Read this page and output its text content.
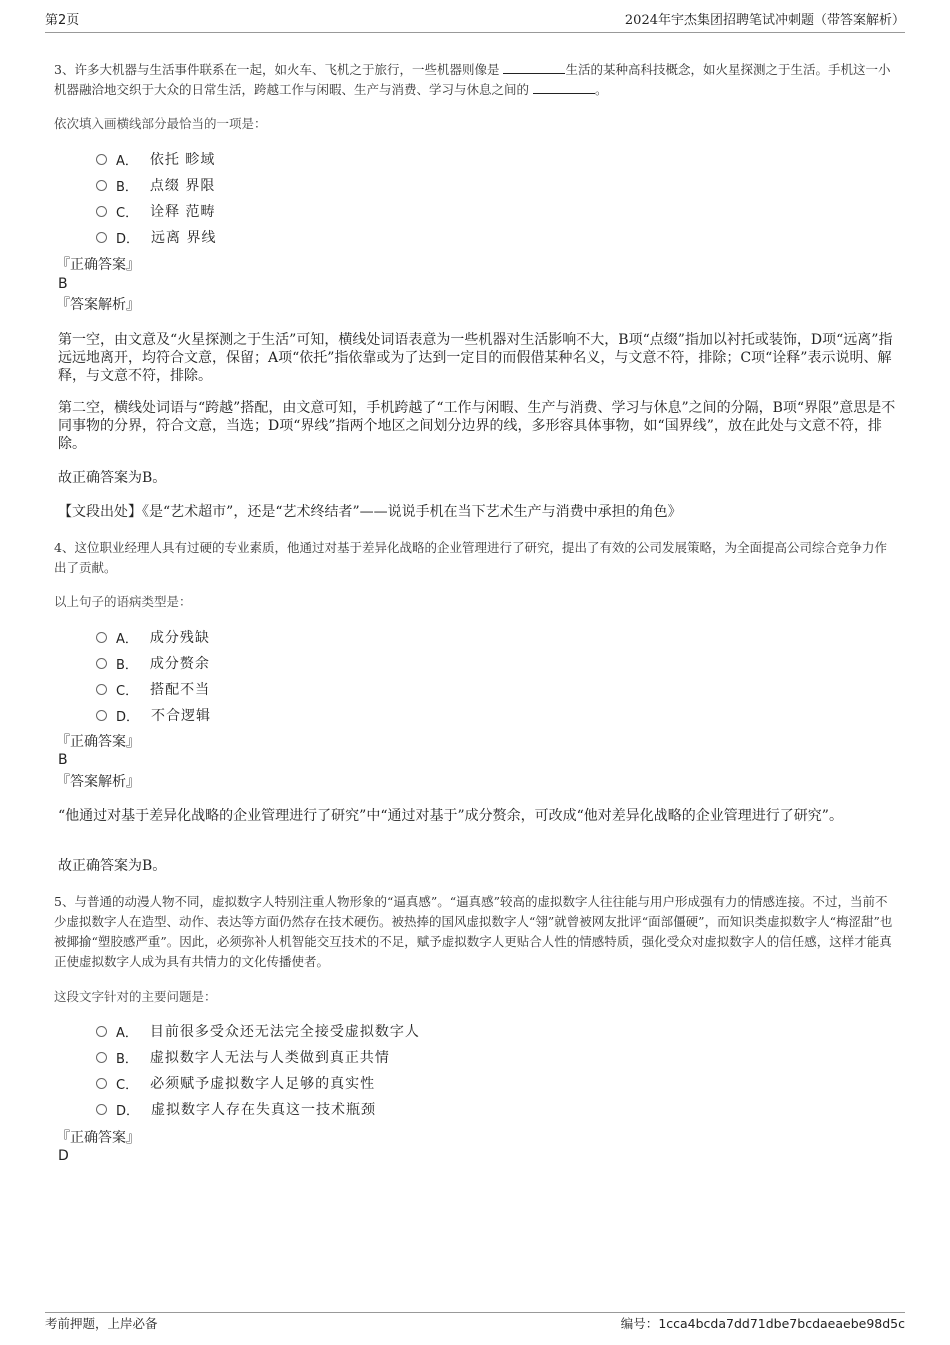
第2页	2024年宇杰集团招聘笔试冲刺题（带答案解析）
3、许多大机器与生活事件联系在一起，如火车、飞机之于旅行，一些机器则像是	生活的某种高科技概念，如火星探测之于生活。手机这一小机器融洽地交织于大众的日常生活，跨越工作与闲暇、生产与消费、学习与休息之间的	。
依次填入画横线部分最恰当的一项是：
A． 依托 畛域
B． 点缀 界限
C． 诠释 范畴
D． 远离 界线
『正确答案』
B
『答案解析』
第一空，由文意及“火星探测之于生活”可知，横线处词语表意为一些机器对生活影响不大，B项“点缀”指加以衬托或装饰，D项“远离”指远远地离开，均符合文意，保留；A项“依托”指依靠或为了达到一定目的而假借某种名义，与文意不符，排除；C项“诠释”表示说明、解释，与文意不符，排除。
第二空，横线处词语与“跨越”搭配，由文意可知，手机跨越了“工作与闲暇、生产与消费、学习与休息”之间的分隔，B项“界限”意思是不同事物的分界，符合文意，当选；D项“界线”指两个地区之间划分边界的线，多形容具体事物，如“国界线”，放在此处与文意不符，排除。
故正确答案为B。
【文段出处】《是“艺术超市”，还是“艺术终结者”——说说手机在当下艺术生产与消费中承担的角色》
4、这位职业经理人具有过硬的专业素质，他通过对基于差异化战略的企业管理进行了研究，提出了有效的公司发展策略，为全面提高公司综合竞争力作出了贡献。
以上句子的语病类型是：
A． 成分残缺
B． 成分赘余
C． 搭配不当
D． 不合逻辑
『正确答案』
B
『答案解析』
“他通过对基于差异化战略的企业管理进行了研究”中“通过对基于”成分赘余，可改成“他对差异化战略的企业管理进行了研究”。
故正确答案为B。
5、与普通的动漫人物不同，虚拟数字人特别注重人物形象的“逼真感”。“逼真感”较高的虚拟数字人往往能与用户形成强有力的情感连接。不过，当前不少虚拟数字人在造型、动作、表达等方面仍然存在技术硬伤。被热捧的国风虚拟数字人“翎”就曾被网友批评“面部僵硬”，而知识类虚拟数字人“梅涩甜”也被揶揄“塑胶感严重”。因此，必须弥补人机智能交互技术的不足，赋予虚拟数字人更贴合人性的情感特质，强化受众对虚拟数字人的信任感，这样才能真正使虚拟数字人成为具有共情力的文化传播使者。
这段文字针对的主要问题是：
A． 目前很多受众还无法完全接受虚拟数字人
B． 虚拟数字人无法与人类做到真正共情
C． 必须赋予虚拟数字人足够的真实性
D． 虚拟数字人存在失真这一技术瓶颈
『正确答案』
D
考前押题，上岸必备	编号：1cca4bcda7dd71dbe7bcdaeaebe98d5c
